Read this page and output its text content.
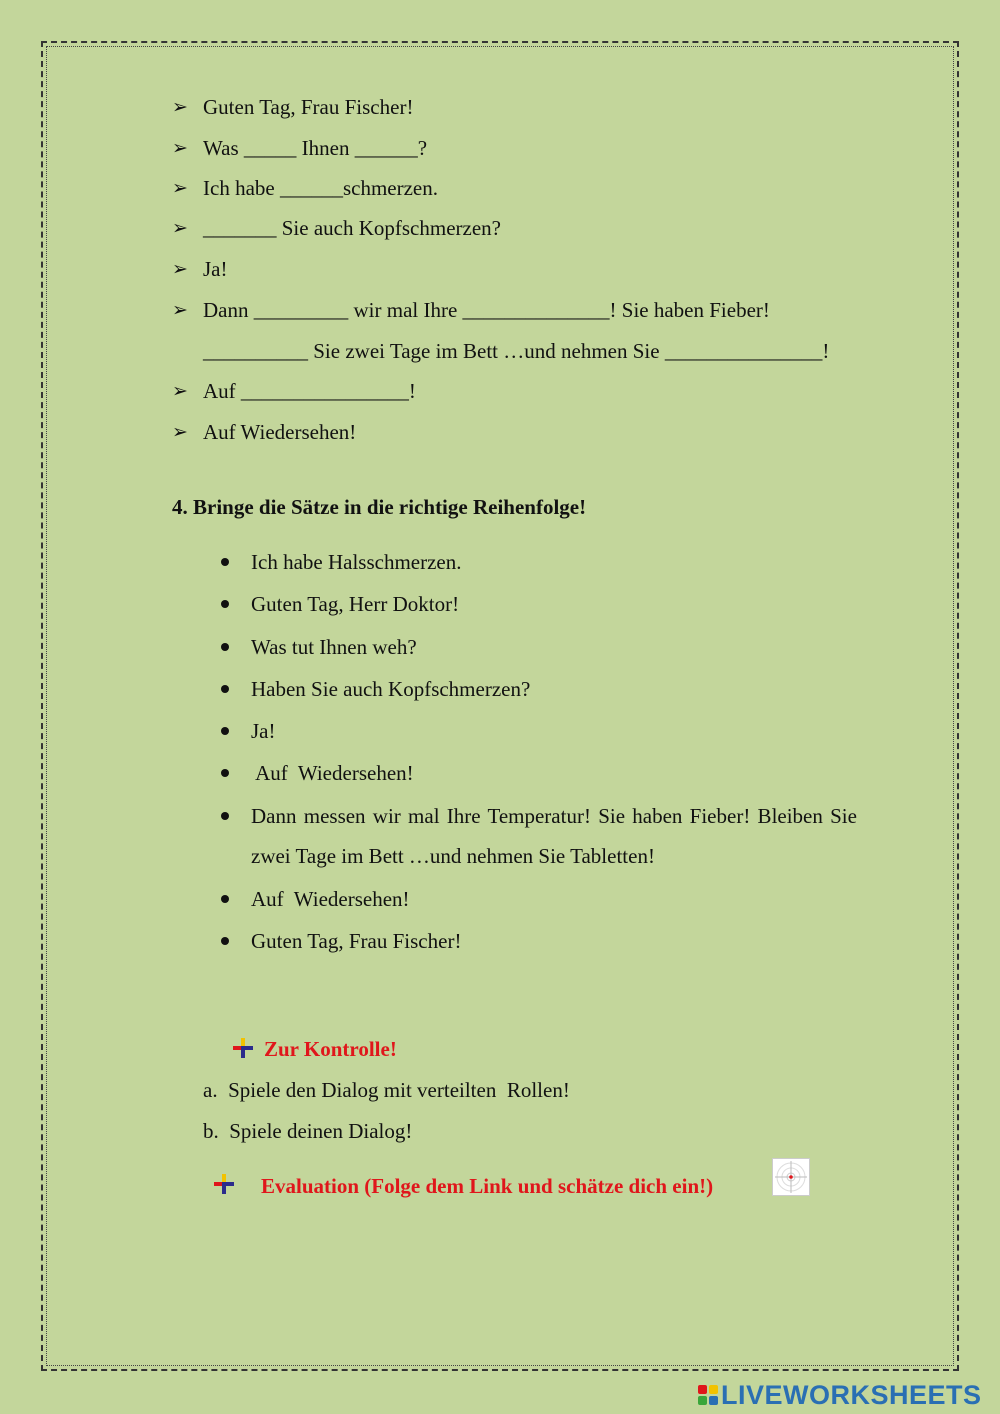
➢ Guten Tag, Frau Fischer!
➢ Was _____ Ihnen ______?
➢ Ich habe ______schmerzen.
➢ _______ Sie auch Kopfschmerzen?
➢ Ja!
➢ Dann _________ wir mal Ihre ______________! Sie haben Fieber!
__________ Sie zwei Tage im Bett …und nehmen Sie _______________!
➢ Auf ________________!
➢ Auf Wiedersehen!
4. Bringe die Sätze in die richtige Reihenfolge!
Ich habe Halsschmerzen.
Guten Tag, Herr Doktor!
Was tut Ihnen weh?
Haben Sie auch Kopfschmerzen?
Ja!
Auf  Wiedersehen!
Dann messen wir mal Ihre Temperatur! Sie haben Fieber! Bleiben Sie
zwei Tage im Bett …und nehmen Sie Tabletten!
Auf  Wiedersehen!
Guten Tag, Frau Fischer!
Zur Kontrolle!
a.  Spiele den Dialog mit verteilten  Rollen!
b.  Spiele deinen Dialog!
Evaluation (Folge dem Link und schätze dich ein!)
LIVEWORKSHEETS
